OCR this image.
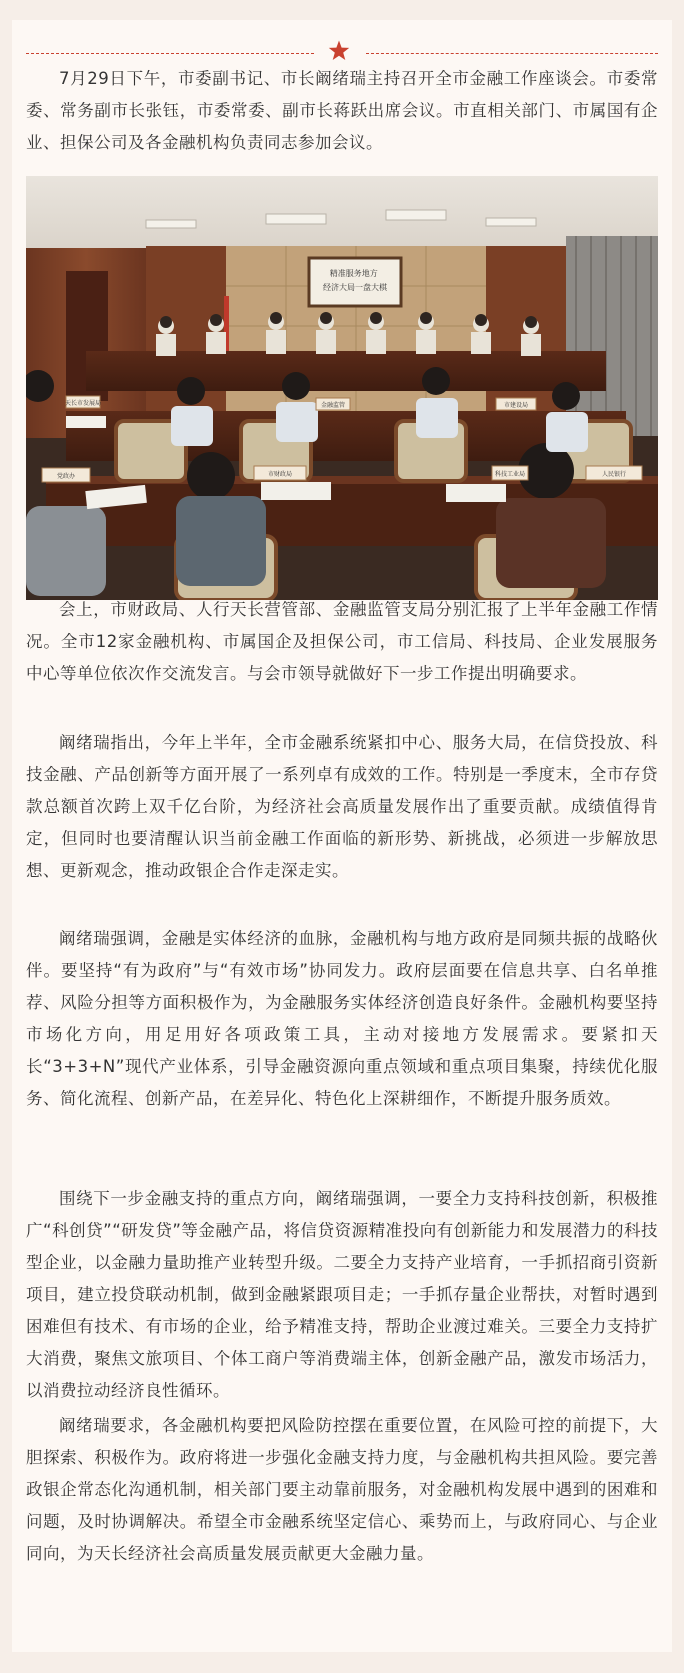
7月29日下午，市委副书记、市长阚绪瑞主持召开全市金融工作座谈会。市委常委、常务副市长张钰，市委常委、副市长蒋跃出席会议。市直相关部门、市属国有企业、担保公司及各金融机构负责同志参加会议。

精准服务地方 经济大局一盘大棋
党政办	市财政局	科技工业局	人民银行
天长市发展局	金融监管	市建设局

会上，市财政局、人行天长营管部、金融监管支局分别汇报了上半年金融工作情况。全市12家金融机构、市属国企及担保公司，市工信局、科技局、企业发展服务中心等单位依次作交流发言。与会市领导就做好下一步工作提出明确要求。

阚绪瑞指出，今年上半年，全市金融系统紧扣中心、服务大局，在信贷投放、科技金融、产品创新等方面开展了一系列卓有成效的工作。特别是一季度末，全市存贷款总额首次跨上双千亿台阶，为经济社会高质量发展作出了重要贡献。成绩值得肯定，但同时也要清醒认识当前金融工作面临的新形势、新挑战，必须进一步解放思想、更新观念，推动政银企合作走深走实。

阚绪瑞强调，金融是实体经济的血脉，金融机构与地方政府是同频共振的战略伙伴。要坚持“有为政府”与“有效市场”协同发力。政府层面要在信息共享、白名单推荐、风险分担等方面积极作为，为金融服务实体经济创造良好条件。金融机构要坚持市场化方向，用足用好各项政策工具，主动对接地方发展需求。要紧扣天长“3+3+N”现代产业体系，引导金融资源向重点领域和重点项目集聚，持续优化服务、简化流程、创新产品，在差异化、特色化上深耕细作，不断提升服务质效。

围绕下一步金融支持的重点方向，阚绪瑞强调，一要全力支持科技创新，积极推广“科创贷”“研发贷”等金融产品，将信贷资源精准投向有创新能力和发展潜力的科技型企业，以金融力量助推产业转型升级。二要全力支持产业培育，一手抓招商引资新项目，建立投贷联动机制，做到金融紧跟项目走；一手抓存量企业帮扶，对暂时遇到困难但有技术、有市场的企业，给予精准支持，帮助企业渡过难关。三要全力支持扩大消费，聚焦文旅项目、个体工商户等消费端主体，创新金融产品，激发市场活力，以消费拉动经济良性循环。

阚绪瑞要求，各金融机构要把风险防控摆在重要位置，在风险可控的前提下，大胆探索、积极作为。政府将进一步强化金融支持力度，与金融机构共担风险。要完善政银企常态化沟通机制，相关部门要主动靠前服务，对金融机构发展中遇到的困难和问题，及时协调解决。希望全市金融系统坚定信心、乘势而上，与政府同心、与企业同向，为天长经济社会高质量发展贡献更大金融力量。
